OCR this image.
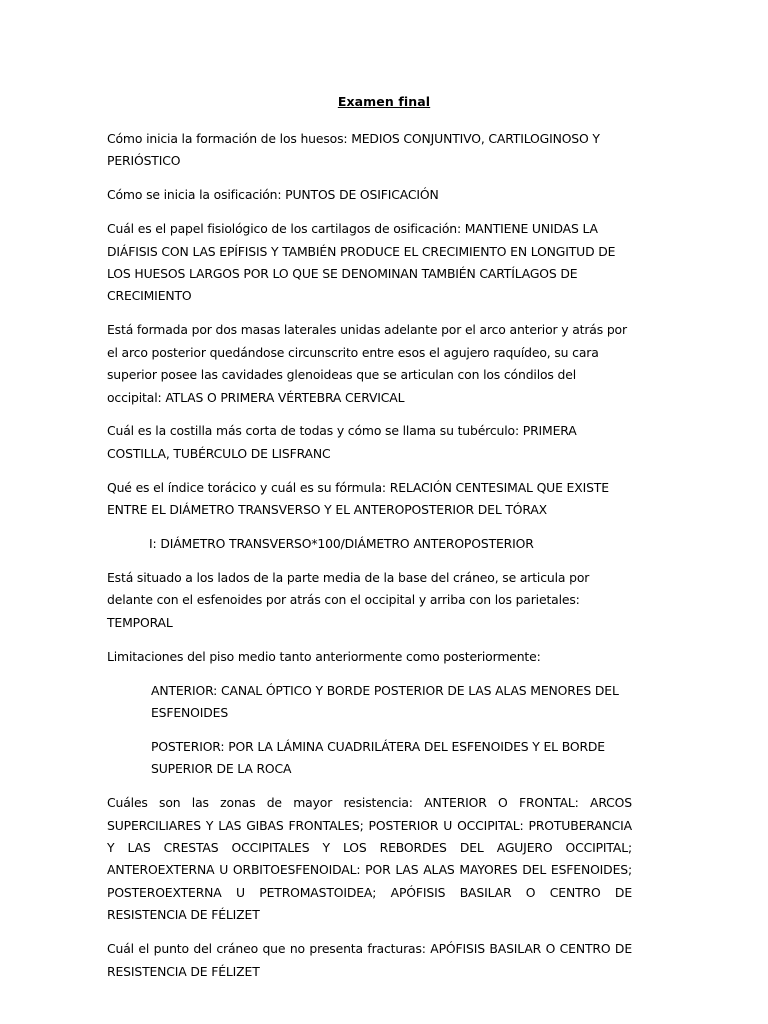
Examen final

Cómo inicia la formación de los huesos: MEDIOS CONJUNTIVO, CARTILOGINOSO Y PERIÓSTICO

Cómo se inicia la osificación: PUNTOS DE OSIFICACIÓN

Cuál es el papel fisiológico de los cartilagos de osificación: MANTIENE UNIDAS LA DIÁFISIS CON LAS EPÍFISIS Y TAMBIÉN PRODUCE EL CRECIMIENTO EN LONGITUD DE LOS HUESOS LARGOS POR LO QUE SE DENOMINAN TAMBIÉN CARTÍLAGOS DE CRECIMIENTO

Está formada por dos masas laterales unidas adelante por el arco anterior y atrás por el arco posterior quedándose circunscrito entre esos el agujero raquídeo, su cara superior posee las cavidades glenoideas que se articulan con los cóndilos del occipital: ATLAS O PRIMERA VÉRTEBRA CERVICAL

Cuál es la costilla más corta de todas y cómo se llama su tubérculo: PRIMERA COSTILLA, TUBÉRCULO DE LISFRANC

Qué es el índice torácico y cuál es su fórmula: RELACIÓN CENTESIMAL QUE EXISTE ENTRE EL DIÁMETRO TRANSVERSO Y EL ANTEROPOSTERIOR DEL TÓRAX

I: DIÁMETRO TRANSVERSO*100/DIÁMETRO ANTEROPOSTERIOR

Está situado a los lados de la parte media de la base del cráneo, se articula por delante con el esfenoides por atrás con el occipital y arriba con los parietales: TEMPORAL

Limitaciones del piso medio tanto anteriormente como posteriormente:

ANTERIOR: CANAL ÓPTICO Y BORDE POSTERIOR DE LAS ALAS MENORES DEL ESFENOIDES

POSTERIOR: POR LA LÁMINA CUADRILÁTERA DEL ESFENOIDES Y EL BORDE SUPERIOR DE LA ROCA

Cuáles son las zonas de mayor resistencia: ANTERIOR O FRONTAL: ARCOS SUPERCILIARES Y LAS GIBAS FRONTALES; POSTERIOR U OCCIPITAL: PROTUBERANCIA Y LAS CRESTAS OCCIPITALES Y LOS REBORDES DEL AGUJERO OCCIPITAL; ANTEROEXTERNA U ORBITOESFENOIDAL: POR LAS ALAS MAYORES DEL ESFENOIDES; POSTEROEXTERNA U PETROMASTOIDEA; APÓFISIS BASILAR O CENTRO DE RESISTENCIA DE FÉLIZET

Cuál el punto del cráneo que no presenta fracturas: APÓFISIS BASILAR O CENTRO DE RESISTENCIA DE FÉLIZET
